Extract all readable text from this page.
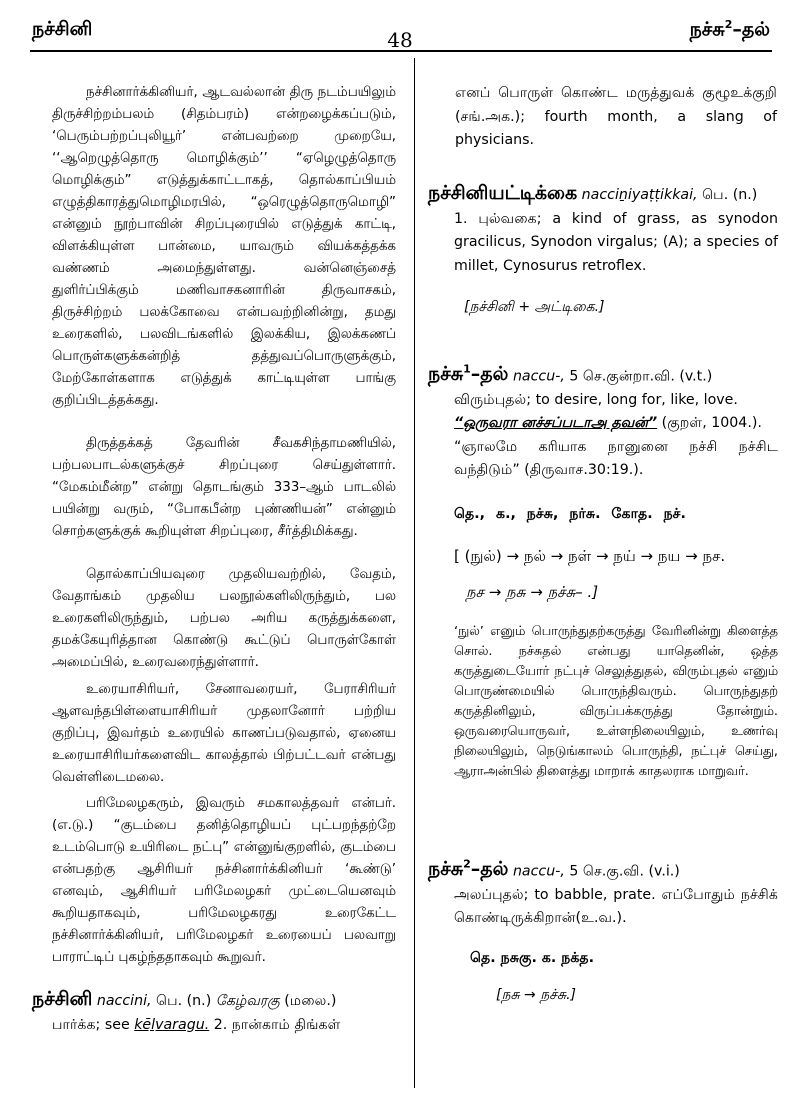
நச்சினி	48	நச்சு$^2$–தல்

நச்சினார்க்கினியர், ஆடவல்லான் திரு நடம்பயிலும் திருச்சிற்றம்பலம் (சிதம்பரம்) என்றழைக்கப்படும், ‘பெரும்பற்றப்புலியூர்’ என்பவற்றை முறையே, ‘‘ஆறெழுத்தொரு மொழிக்கும்’’ “ஏழெழுத்தொரு மொழிக்கும்” எடுத்துக்காட்டாகத், தொல்காப்பியம் எழுத்திகாரத்துமொழிமரபில், “ஒரெழுத்தொருமொழி” என்னும் நூற்பாவின் சிறப்புரையில் எடுத்துக் காட்டி, விளக்கியுள்ள பான்மை, யாவரும் வியக்கத்தக்க வண்ணம் அமைந்துள்ளது. வன்னெஞ்சைத் துளிர்ப்பிக்கும் மணிவாசகனாரின் திருவாசகம், திருச்சிற்றம் பலக்கோவை என்பவற்றினின்று, தமது உரைகளில், பலவிடங்களில் இலக்கிய, இலக்கணப் பொருள்களுக்கன்றித் தத்துவப்பொருளுக்கும், மேற்கோள்களாக எடுத்துக் காட்டியுள்ள பாங்கு குறிப்பிடத்தக்கது.

திருத்தக்கத் தேவரின் சீவகசிந்தாமணியில், பற்பலபாடல்களுக்குச் சிறப்புரை செய்துள்ளார். “மேகம்மீன்ற” என்று தொடங்கும் 333–ஆம் பாடலில் பயின்று வரும், “போகபீன்ற புண்ணியன்” என்னும் சொற்களுக்குக் கூறியுள்ள சிறப்புரை, சீர்த்திமிக்கது.

தொல்காப்பியவுரை முதலியவற்றில், வேதம், வேதாங்கம் முதலிய பலநூல்களிலிருந்தும், பல உரைகளிலிருந்தும், பற்பல அரிய கருத்துக்களை, தமக்கேயுரித்தான கொண்டு கூட்டுப் பொருள்கோள் அமைப்பில், உரைவரைந்துள்ளார்.

உரையாசிரியர், சேனாவரையர், பேராசிரியர் ஆளவந்தபிள்ளையாசிரியர் முதலானோர் பற்றிய குறிப்பு, இவர்தம் உரையில் காணப்படுவதால், ஏனைய உரையாசிரியர்களைவிட காலத்தால் பிற்பட்டவர் என்பது வெள்ளிடைமலை.

பரிமேலழகரும், இவரும் சமகாலத்தவர் என்பர். (எ.டு.) “குடம்பை தனித்தொழியப் புட்பறந்தற்றே உடம்பொடு உயிரிடை நட்பு” என்னுங்குறளில், குடம்பை என்பதற்கு ஆசிரியர் நச்சினார்க்கினியர் ‘கூண்டு’ எனவும், ஆசிரியர் பரிமேலழகர் முட்டையெனவும் கூறியதாகவும், பரிமேலழகரது உரைகேட்ட நச்சினார்க்கினியர், பரிமேலழகர் உரையைப் பலவாறு பாராட்டிப் புகழ்ந்ததாகவும் கூறுவர்.

நச்சினி naccini, பெ. (n.) கேழ்வரகு (மலை.)
பார்க்க; see kēḻvaragu. 2. நான்காம் திங்கள்

எனப் பொருள் கொண்ட மருத்துவக் குழூஉக்குறி (சங்.அக.); fourth month, a slang of physicians.

நச்சினியட்டிக்கை nacciṉiyaṭṭikkai, பெ. (n.)

1. புல்வகை; a kind of grass, as synodon gracilicus, Synodon virgalus; (A); a species of millet, Cynosurus retroflex.

[நச்சினி + அட்டிகை.]
நச்சு$^1$–தல் naccu-, 5 செ.குன்றா.வி. (v.t.)
விரும்புதல்; to desire, long for, like, love.
“ஒருவரா னச்சப்படாஅ தவன்” (குறள், 1004.).

“ஞாலமே கரியாக நானுனை நச்சி நச்சிட வந்திடும்” (திருவாச.30:19.).

தெ., க., நச்சு, நர்சு. கோத. நச்.

[ (நுல்) → நல் → நள் → நய் → நய → நச.
நச → நசு → நச்சு– .]

‘நுல்’ எனும் பொருந்துதற்கருத்து வேரினின்று கிளைத்த சொல். நச்சுதல் என்பது யாதெனின், ஒத்த கருத்துடையோர் நட்புச் செலுத்துதல், விரும்புதல் எனும் பொருண்மையில் பொருந்திவரும். பொருந்துதற் கருத்தினிலும், விருப்பக்கருத்து தோன்றும். ஒருவரையொருவர், உள்ளநிலையிலும், உணர்வு நிலையிலும், நெடுங்காலம் பொருந்தி, நட்புச் செய்து, ஆராஅன்பில் திளைத்து மாறாக் காதலராக மாறுவர்.

நச்சு$^2$–தல் naccu-, 5 செ.கு.வி. (v.i.)

அலப்புதல்; to babble, prate. எப்போதும் நச்சிக் கொண்டிருக்கிறான்(உ.வ.).

தெ. நசுகு. க. நக்த.

[நசு → நச்சு.]
